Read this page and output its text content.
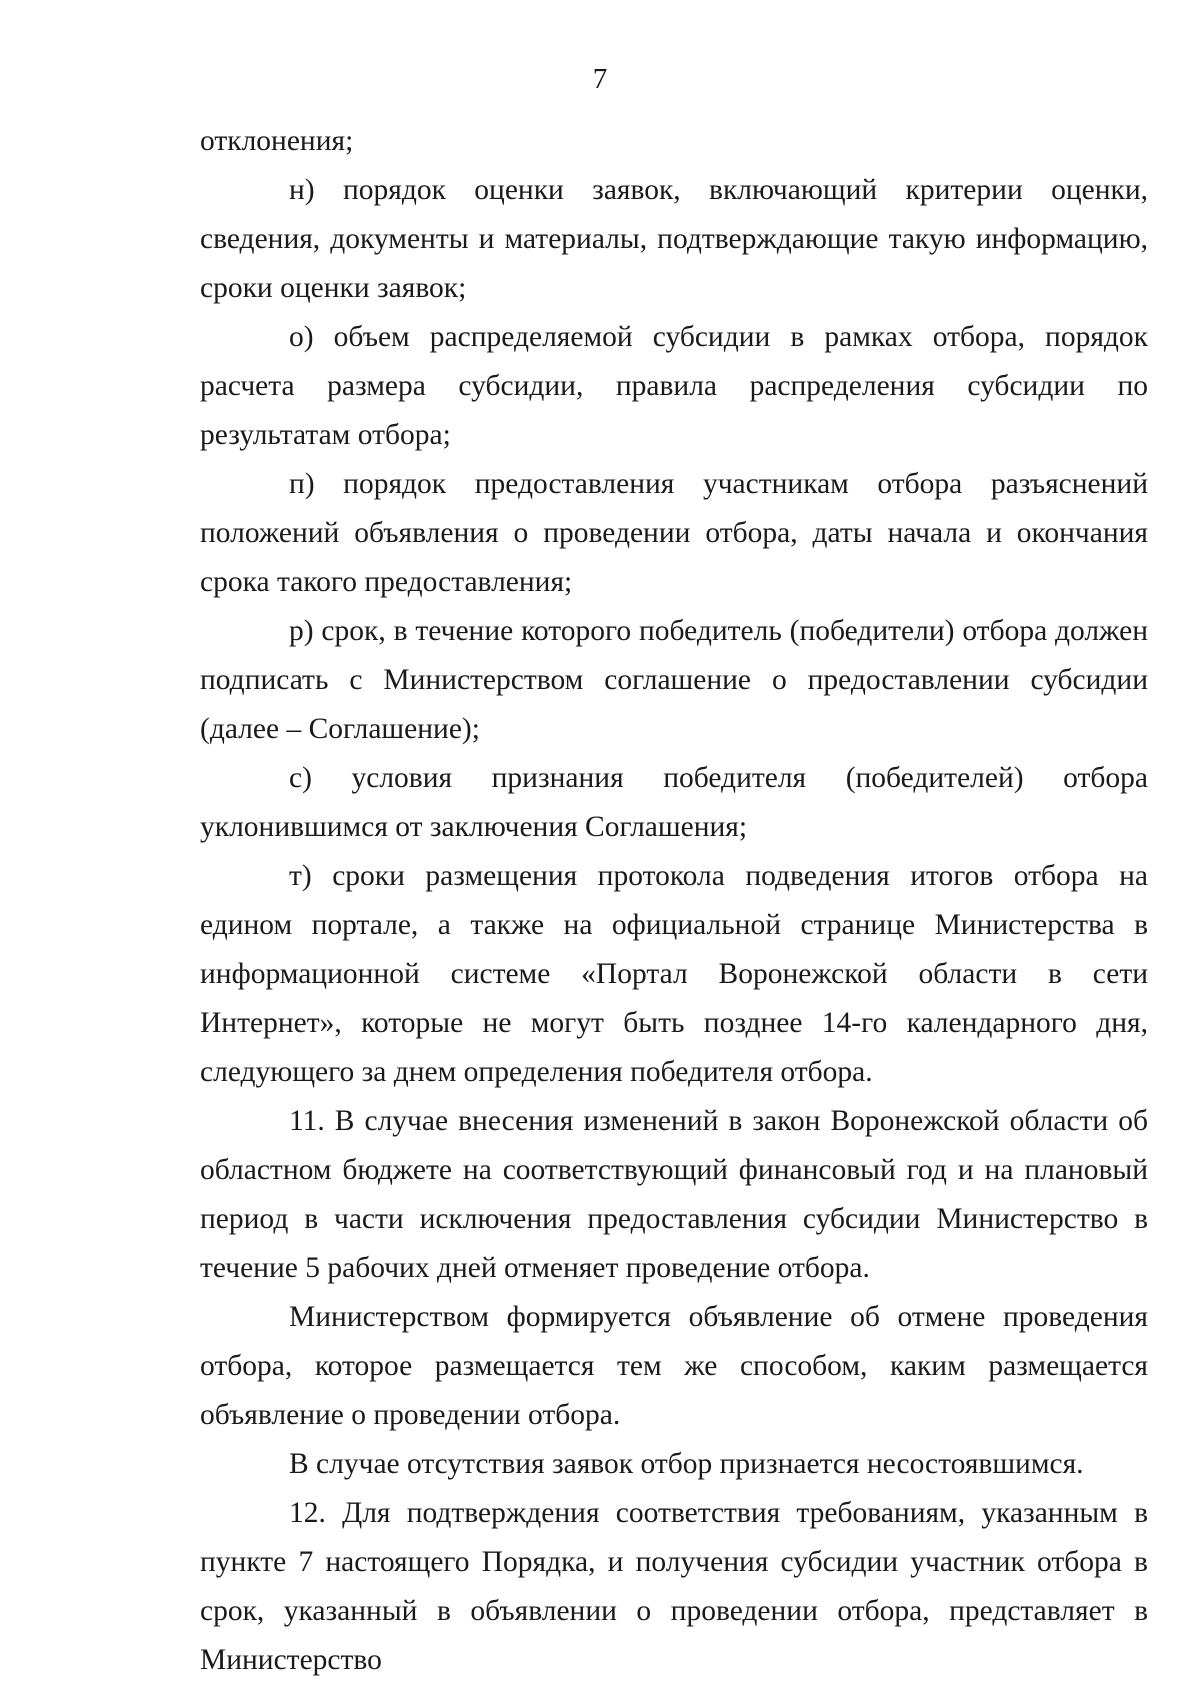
7

отклонения;

н) порядок оценки заявок, включающий критерии оценки, сведения, документы и материалы, подтверждающие такую информацию, сроки оценки заявок;

о) объем распределяемой субсидии в рамках отбора, порядок расчета размера субсидии, правила распределения субсидии по результатам отбора;

п) порядок предоставления участникам отбора разъяснений положений объявления о проведении отбора, даты начала и окончания срока такого предоставления;

р) срок, в течение которого победитель (победители) отбора должен подписать с Министерством соглашение о предоставлении субсидии (далее – Соглашение);

с) условия признания победителя (победителей) отбора уклонившимся от заключения Соглашения;

т) сроки размещения протокола подведения итогов отбора на едином портале, а также на официальной странице Министерства в информационной системе «Портал Воронежской области в сети Интернет», которые не могут быть позднее 14-го календарного дня, следующего за днем определения победителя отбора.

11. В случае внесения изменений в закон Воронежской области об областном бюджете на соответствующий финансовый год и на плановый период в части исключения предоставления субсидии Министерство в течение 5 рабочих дней отменяет проведение отбора.

Министерством формируется объявление об отмене проведения отбора, которое размещается тем же способом, каким размещается объявление о проведении отбора.

В случае отсутствия заявок отбор признается несостоявшимся.

12. Для подтверждения соответствия требованиям, указанным в пункте 7 настоящего Порядка, и получения субсидии участник отбора в срок, указанный в объявлении о проведении отбора, представляет в Министерство
